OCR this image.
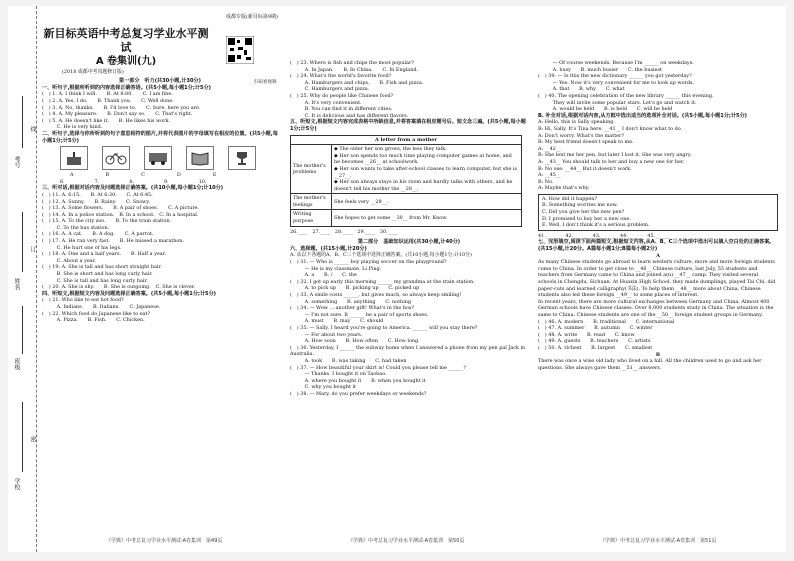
考号
姓名
班级
学校
线
订
密

成都专版(新目标第9期)

新目标英语中考总复习学业水平测试
A 卷集训(九)

(2018 成都中考真题修订版)

扫码看视频

第一部分　听力(共30小题,计30分)

一、听句子,根据所听到的内容选择正确答语。(共5小题,每小题1分;计5分)

(　) 1. A. I think I will.　　B. At 8:00.　　C. I am fine.

(　) 2. A. Yes, I do.　　B. Thank you.　　C. Well done.

(　) 3. A. No, thanks.　　B. I'd love to.　　C. Sure, here you are.

(　) 4. A. My pleasure.　　B. Don't say so.　　C. That's right.

(　) 5. A. He doesn't like it.　　B. He likes his work.

　　　C. He is very kind.

二、听句子,选择与你所听到的句子意思相符的图片,并将代表图片的字母填写在相应的位置。(共5小题,每小题1分;计5分)

A	B	C	D	E
6.	7.	8.	9.	10.

三、听对话,根据对话内容及问题选择正确答案。(共10小题,每小题1分;计10分)

(　) 11. A. 6:15.　　B. At 6:30.　　C. At 6:45.

(　) 12. A. Sunny.　　B. Rainy.　　C. Snowy.

(　) 13. A. Some flowers.　　B. A pair of shoes.　　C. A picture.

(　) 14. A. In a police station.　B. In a school.　C. In a hospital.

(　) 15. A. To the city zoo.　　B. To the train station.

　　　C. To the bus station.

(　) 16. A. A cat.　　B. A dog.　　C. A parrot.

(　) 17. A. He ran very fast.　　B. He missed a marathon.

　　　C. He hurt one of his legs.

(　) 18. A. One and a half years.　　B. Half a year.

　　　C. About a year.

(　) 19. A. She is tall and has short straight hair.

　　　B. She is short and has long curly hair.

　　　C. She is tall and has long curly hair.

(　) 20. A. She is shy.　　B. She is outgoing.　C. She is clever.

四、听短文,根据短文内容及问题选择正确答案。(共5小题,每小题1分;计5分)

(　) 21. Who like to eat hot food?

　　　A. Indians.　　B. Italians.　　C. Japanese.

(　) 22. Which food do Japanese like to eat?

　　　A. Pizza.　　B. Fish.　　C. Chicken.

(　) 23. Where is fish and chips the most popular?

　　　A. In Japan.　　B. In China.　　C. In England.

(　) 24. What's the world's favorite food?

　　　A. Hamburgers and chips.　　B. Fish and pizza.

　　　C. Hamburgers and pizza.

(　) 25. Why do people like Chinese food?

　　　A. It's very convenient.

　　　B. You can find it in different cities.

　　　C. It is delicious and has different flavors.

五、听短文,根据短文内容完成表格中所缺信息,并将答案填在相应题号后。短文念三遍。(共5小题,每小题1分;计5分)

A letter from a mother	
The mother's problems	◆ The older her son grows, the less they talk.
◆ Her son spends too much time playing computer games at home, and he becomes __26__ at schoolwork.
◆ Her son wants to take after-school classes to learn computer, but she is __27__.
◆ Her son always stays in his room and hardly talks with others, and he doesn't tell his mother the __28__.

The mother's feelings	She feels very __29__.
Writing purpose	She hopes to get some __30__ from Mr. Know.

26.____　27.____　28.____　29.____　30.____

第二部分　基础知识运用(共30小题,计40分)

六、选择题。(共15小题,计20分)

A. 从以下各题的A、B、C三个选项中选择正确答案。(共10小题,每小题1分;计10分)

(　) 31. — Who is ______ boy playing soccer on the playground?

　　　— He is my classmate, Li Ping.

　　　A. a　　B. /　　C. the

(　) 32. I got up early this morning ______ my grandma at the train station.

　　　A. to pick up　　B. picking up　　C. picked up

(　) 33. A smile costs ______, but gives much, so always keep smiling!

　　　A. something　　B. anything　　C. nothing

(　) 34. — Wow ... another gift! What's in the box?

　　　— I'm not sure. It ______ be a pair of sports shoes.

　　　A. must　　B. may　　C. should

(　) 35. — Sally, I heard you're going to America. ______ will you stay there?

　　　— For about two years.

　　　A. How soon　　B. How often　　C. How long

(　) 36. Yesterday, I ______ the subway home when I answered a phone from my pen pal Jack in Australia.

　　　A. took　　B. was taking　　C. had taken

(　) 37. — How beautiful your skirt is! Could you please tell me ______?

　　　— Thanks. I bought it on Taobao.

　　　A. where you bought it　　B. when you bought it

　　　C. why you bought it

(　) 38. — Mary, do you prefer weekdays or weekends?

　　　— Of course weekends. Because I'm ______ on weekdays.

　　　A. busy　　B. much busier　　C. the busiest

(　) 39. — Is this the new dictionary ______ you got yesterday?

　　　— Yes. Now it's very convenient for me to look up words.

　　　A. that　　B. why　　C. what

(　) 40. The opening celebration of the new library ______ this evening.

　　　They will invite some popular stars. Let's go and watch it.

　　　A. would be held　　B. is held　　C. will be held

B. 补全对话,根据对话内容,从方框中选出适当的选项补全对话。(共5小题,每小题1分;计5分)

A: Hello, this is Sally speaking.

B: Hi, Sally. It's Tina here. __41__ I don't know what to do.

A: Don't worry. What's the matter?

B: My best friend doesn't speak to me.

A: __42__

B: She lent me her pen, but later I lost it. She was very angry.

A: __43__ You should talk to her and buy a new one for her.

B: No use. __44__ But it doesn't work.

A: __45__

B: No.

A: Maybe that's why.

A. How did it happen?

B. Something worries me now.

C. Did you give her the new pen?

D. I promised to buy her a new one.

E. Well, I don't think it's a serious problem.

41.______　42.______　43.______　44.______　45.______

七、完形填空,阅读下面两篇短文,根据短文内容,从A、B、C三个选项中选出可以填入空白处的正确答案。(共15小题,计20分。A篇每小题1分;B篇每小题2分)

A

As many Chinese students go abroad to learn western culture, more and more foreign students come to China. In order to get close to __46__ Chinese culture, last July, 55 students and teachers from Germany came to China and joined a(n) __47__ camp. They visited several schools in Chengdu, Sichuan. At Huaxin High School, they made dumplings, played Tai Chi, did paper-cuts and learned calligraphy(书法). To help them __48__ more about China, Chinese students also led these foreign __49__ to some places of interest.

In recent years, there are more cultural exchanges between Germany and China. Almost 400 German schools have Chinese classes. Over 8,000 students study in China. The situation is the same to China. Chinese students are one of the __50__ foreign student groups in Germany.

(　) 46. A. modern　　B. traditional　　C. international

(　) 47. A. summer　　B. autumn　　C. winter

(　) 48. A. write　　B. read　　C. know

(　) 49. A. guests　　B. teachers　　C. artists

(　) 50. A. richest　　B. largest　　C. smallest

B

There was once a wise old lady who lived on a hill. All the children used to go and ask her questions. She always gave them __51__ answers.

《学典》中考总复习学业水平测试·A卷集训　第49页	《学典》中考总复习学业水平测试·A卷集训　第50页	《学典》中考总复习学业水平测试·A卷集训　第51页
